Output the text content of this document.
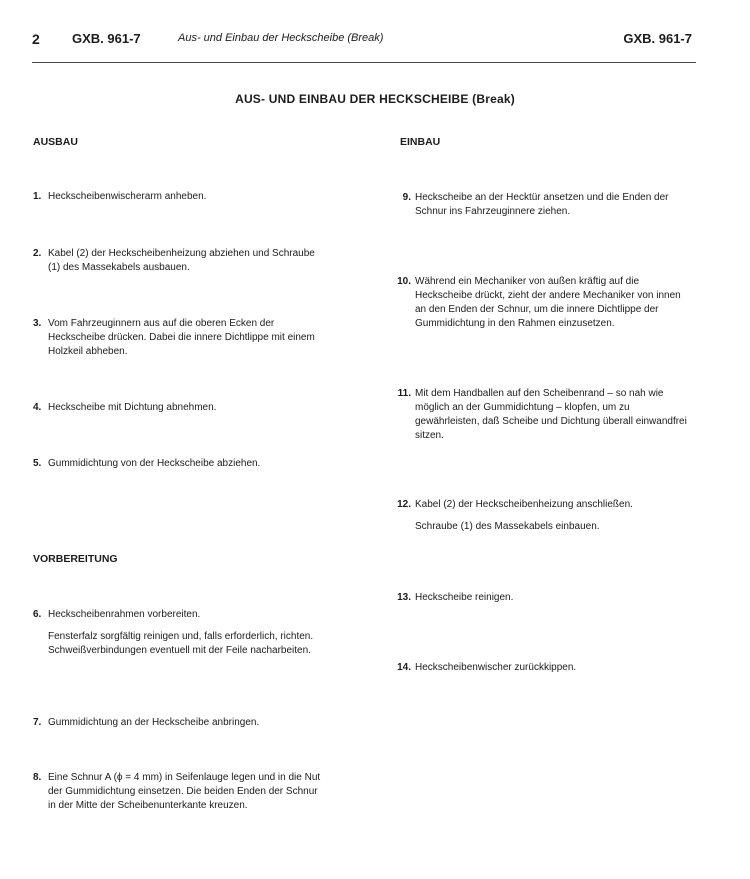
2 GXB. 961-7	Aus- und Einbau der Heckscheibe (Break)	GXB. 961-7
AUS- UND EINBAU DER HECKSCHEIBE (Break)
AUSBAU
1. Heckscheibenwischerarm anheben.
2. Kabel (2) der Heckscheibenheizung abziehen und Schraube (1) des Massekabels ausbauen.
3. Vom Fahrzeuginnern aus auf die oberen Ecken der Heckscheibe drücken. Dabei die innere Dichtlippe mit einem Holzkeil abheben.
4. Heckscheibe mit Dichtung abnehmen.
5. Gummidichtung von der Heckscheibe abziehen.
VORBEREITUNG
6. Heckscheibenrahmen vorbereiten.
Fensterfalz sorgfältig reinigen und, falls erforderlich, richten. Schweißverbindungen eventuell mit der Feile nacharbeiten.
7. Gummidichtung an der Heckscheibe anbringen.
8. Eine Schnur A (ϕ = 4 mm) in Seifenlauge legen und in die Nut der Gummidichtung einsetzen. Die beiden Enden der Schnur in der Mitte der Scheibenunterkante kreuzen.
EINBAU
9. Heckscheibe an der Hecktür ansetzen und die Enden der Schnur ins Fahrzeuginnere ziehen.
10. Während ein Mechaniker von außen kräftig auf die Heckscheibe drückt, zieht der andere Mechaniker von innen an den Enden der Schnur, um die innere Dichtlippe der Gummidichtung in den Rahmen einzusetzen.
11. Mit dem Handballen auf den Scheibenrand – so nah wie möglich an der Gummidichtung – klopfen, um zu gewährleisten, daß Scheibe und Dichtung überall einwandfrei sitzen.
12. Kabel (2) der Heckscheibenheizung anschließen.
Schraube (1) des Massekabels einbauen.
13. Heckscheibe reinigen.
14. Heckscheibenwischer zurückkippen.
